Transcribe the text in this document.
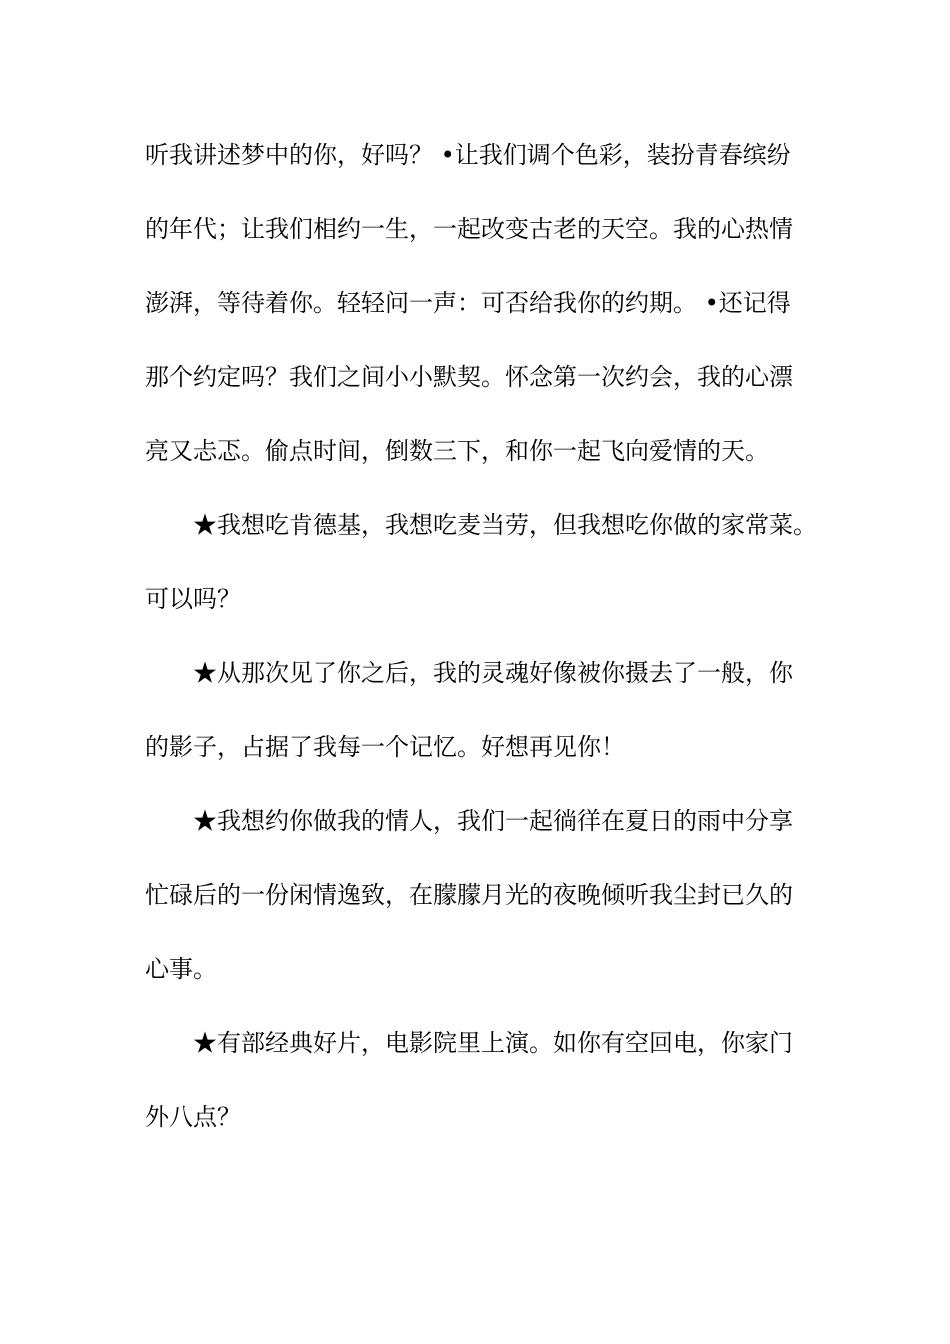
听我讲述梦中的你，好吗？ •让我们调个色彩，装扮青春缤纷
的年代；让我们相约一生，一起改变古老的天空。我的心热情
澎湃，等待着你。轻轻问一声：可否给我你的约期。 •还记得
那个约定吗？我们之间小小默契。怀念第一次约会，我的心漂
亮又忐忑。偷点时间，倒数三下，和你一起飞向爱情的天。
★我想吃肯德基，我想吃麦当劳，但我想吃你做的家常菜。
可以吗？
★从那次见了你之后，我的灵魂好像被你摄去了一般，你
的影子，占据了我每一个记忆。好想再见你！
★我想约你做我的情人，我们一起徜徉在夏日的雨中分享
忙碌后的一份闲情逸致，在朦朦月光的夜晚倾听我尘封已久的
心事。
★有部经典好片，电影院里上演。如你有空回电，你家门
外八点？
